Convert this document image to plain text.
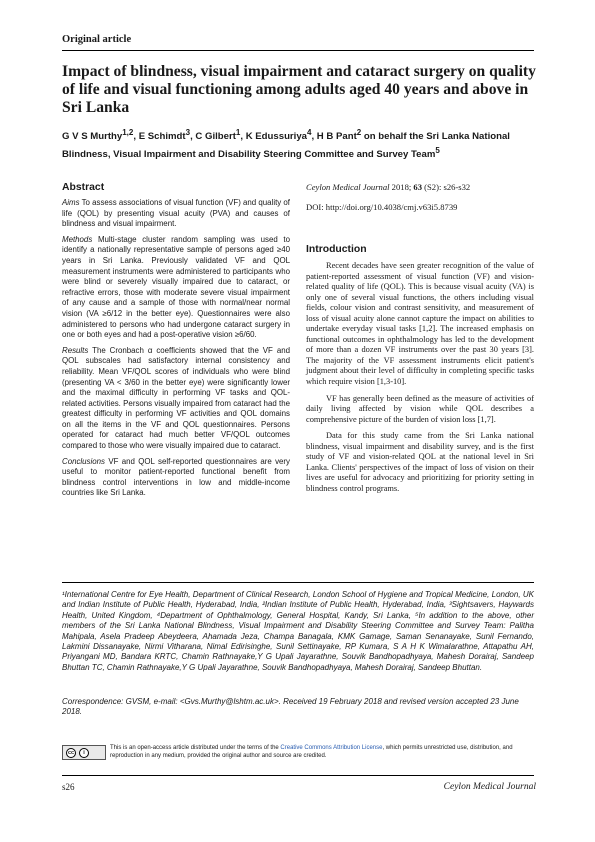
Original article
Impact of blindness, visual impairment and cataract surgery on quality of life and visual functioning among adults aged 40 years and above in Sri Lanka
G V S Murthy$^{1,2}$, E Schimdt$^3$, C Gilbert$^1$, K Edussuriya$^4$, H B Pant$^2$ on behalf the Sri Lanka National Blindness, Visual Impairment and Disability Steering Committee and Survey Team$^5$
Abstract

Aims To assess associations of visual function (VF) and quality of life (QOL) by presenting visual acuity (PVA) and causes of blindness and visual impairment.

Methods Multi-stage cluster random sampling was used to identify a nationally representative sample of persons aged ≥40 years in Sri Lanka. Previously validated VF and QOL measurement instruments were administered to participants who were blind or severely visually impaired due to cataract, or refractive errors, those with moderate severe visual impairment of any cause and a sample of those with normal/near normal vision (VA ≥6/12 in the better eye). Questionnaires were also administered to persons who had undergone cataract surgery in one or both eyes and had a post-operative vision ≥6/60.

Results The Cronbach α coefficients showed that the VF and QOL subscales had satisfactory internal consistency and reliability. Mean VF/QOL scores of individuals who were blind (presenting VA < 3/60 in the better eye) were significantly lower and the maximal difficulty in performing VF tasks and QOL-related activities. Persons visually impaired from cataract had the greatest difficulty in performing VF activities and QOL domains on all the items in the VF and QOL questionnaires. Persons operated for cataract had much better VF/QOL outcomes compared to those who were visually impaired due to cataract.

Conclusions VF and QOL self-reported questionnaires are very useful to monitor patient-reported functional benefit from blindness control interventions in low and middle-income countries like Sri Lanka.

Ceylon Medical Journal 2018; 63 (S2): s26-s32
DOI: http://doi.org/10.4038/cmj.v63i5.8739
Introduction

Recent decades have seen greater recognition of the value of patient-reported assessment of visual function (VF) and vision-related quality of life (QOL). This is because visual acuity (VA) is only one of several visual functions, the others including visual fields, colour vision and contrast sensitivity, and measurement of loss of visual acuity alone cannot capture the impact on abilities to undertake everyday visual tasks [1,2]. The increased emphasis on functional outcomes in ophthalmology has led to the development of more than a dozen VF instruments over the past 30 years [3]. The majority of the VF assessment instruments elicit patient's judgment about their level of difficulty in completing specific tasks which require vision [1,3-10].

VF has generally been defined as the measure of activities of daily living affected by vision while QOL describes a comprehensive picture of the burden of vision loss [1,7].

Data for this study came from the Sri Lanka national blindness, visual impairment and disability survey, and is the first study of VF and vision-related QOL at the national level in Sri Lanka. Clients' perspectives of the impact of loss of vision on their lives are useful for advocacy and prioritizing for priority setting in blindness control programs.

¹International Centre for Eye Health, Department of Clinical Research, London School of Hygiene and Tropical Medicine, London, UK and Indian Institute of Public Health, Hyderabad, India, ²Indian Institute of Public Health, Hyderabad, India, ³Sightsavers, Haywards Health, United Kingdom, ⁴Department of Ophthalmology, General Hospital, Kandy, Sri Lanka, ⁵In addition to the above, other members of the Sri Lanka National Blindness, Visual Impairment and Disability Steering Committee and Survey Team: Palitha Mahipala, Asela Pradeep Abeydeera, Ahamada Jeza, Champa Banagala, KMK Gamage, Saman Senanayake, Sunil Fernando, Lakmini Dissanayake, Nirmi Vitharana, Nimal Edirisinghe, Sunil Settinayake, RP Kumara, S A H K Wimalarathne, Attapathu AH, Priyangani MD, Bandara KRTC, Chamin Rathnayake,Y G Upali Jayarathne, Souvik Bandhopadhyaya, Mahesh Dorairaj, Sandeep Bhuttan TC, Chamin Rathnayake,Y G Upali Jayarathne, Souvik Bandhopadhyaya, Mahesh Dorairaj, Sandeep Bhuttan.
Correspondence: GVSM, e-mail: <Gvs.Murthy@lshtm.ac.uk>. Received 19 February 2018 and revised version accepted 23 June 2018.
cc	i
This is an open-access article distributed under the terms of the Creative Commons Attribution License, which permits unrestricted use, distribution, and reproduction in any medium, provided the original author and source are credited.
s26	Ceylon Medical Journal
